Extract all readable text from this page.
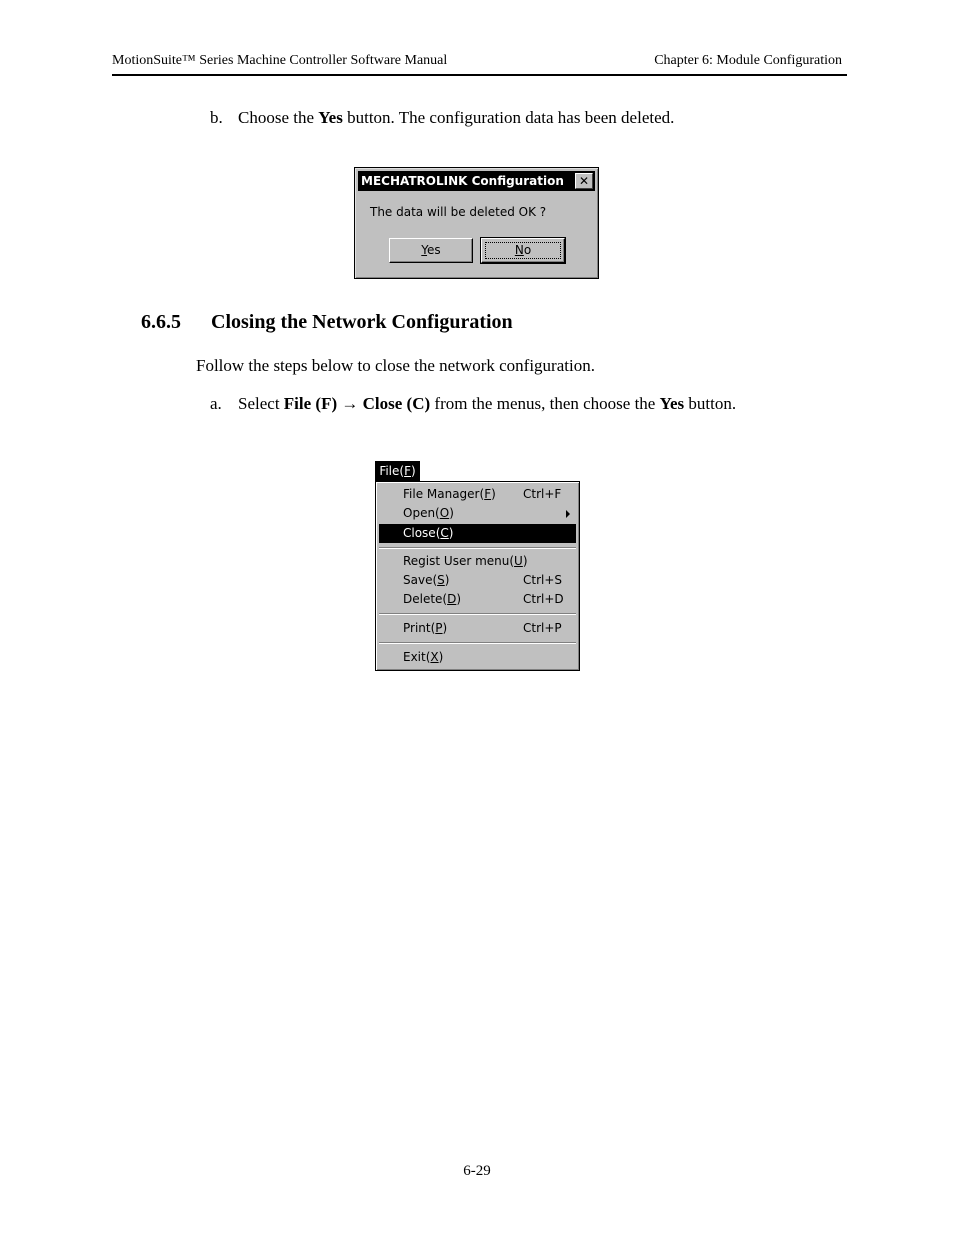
MotionSuite™ Series Machine Controller Software Manual	Chapter 6: Module Configuration
b. Choose the Yes button. The configuration data has been deleted.
MECHATROLINK Configuration	✕
The data will be deleted OK ?
Yes	No
6.6.5 Closing the Network Configuration
Follow the steps below to close the network configuration.
a. Select File (F) → Close (C) from the menus, then choose the Yes button.
File(F)
File Manager(F) Ctrl+F
Open(O)
Close(C)
Regist User menu(U)
Save(S)	Ctrl+S
Delete(D)	Ctrl+D
Print(P)	Ctrl+P
Exit(X)
6-29
